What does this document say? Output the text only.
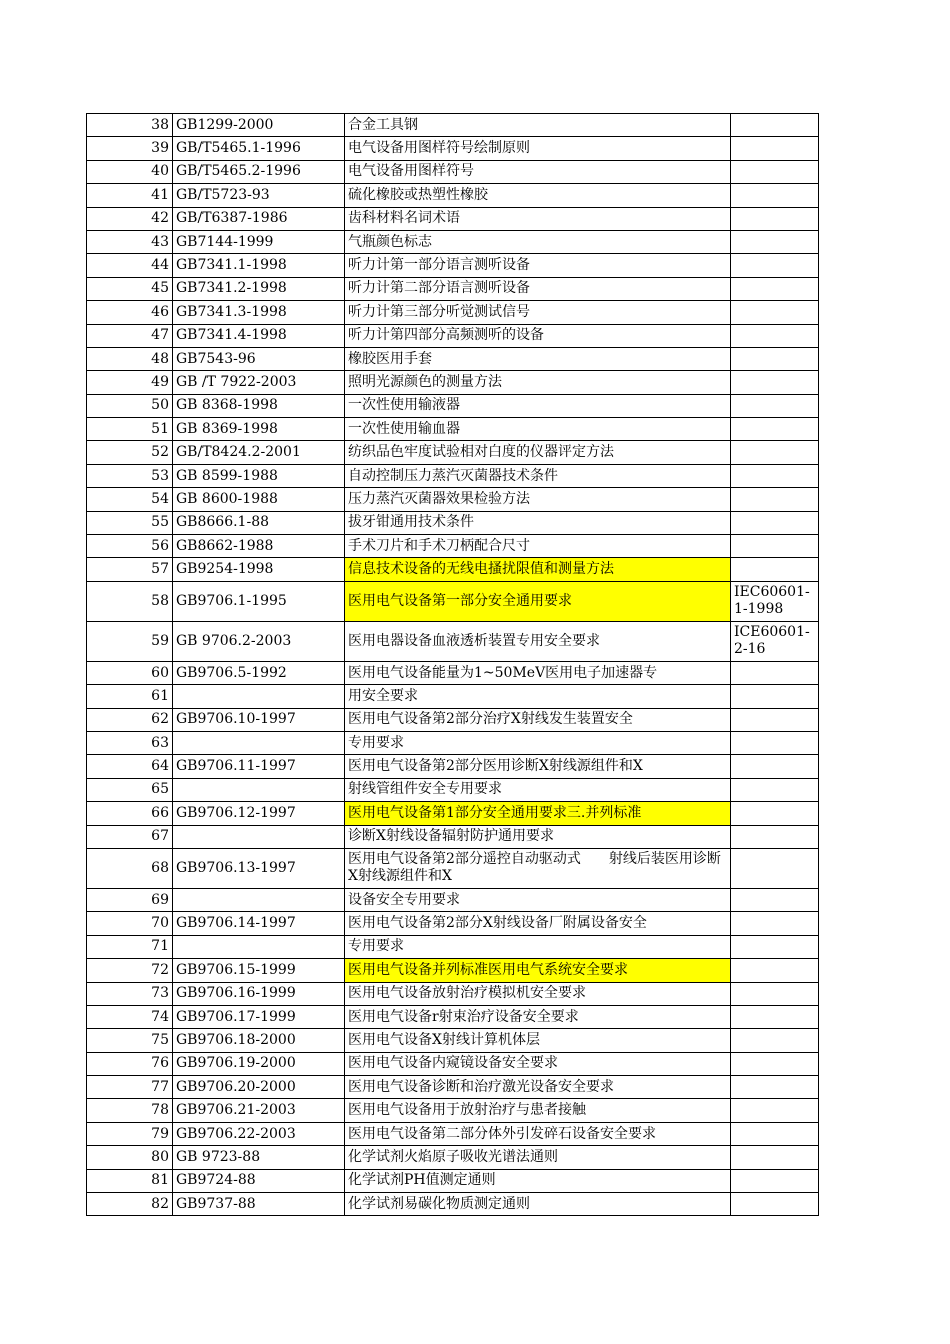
38	GB1299-2000	合金工具钢	
39	GB/T5465.1-1996	电气设备用图样符号绘制原则	
40	GB/T5465.2-1996	电气设备用图样符号	
41	GB/T5723-93	硫化橡胶或热塑性橡胶	
42	GB/T6387-1986	齿科材料名词术语	
43	GB7144-1999	气瓶颜色标志	
44	GB7341.1-1998	听力计第一部分语言测听设备	
45	GB7341.2-1998	听力计第二部分语言测听设备	
46	GB7341.3-1998	听力计第三部分听觉测试信号	
47	GB7341.4-1998	听力计第四部分高频测听的设备	
48	GB7543-96	橡胶医用手套	
49	GB /T 7922-2003	照明光源颜色的测量方法	
50	GB 8368-1998	一次性使用输液器	
51	GB 8369-1998	一次性使用输血器	
52	GB/T8424.2-2001	纺织品色牢度试验相对白度的仪器评定方法	
53	GB 8599-1988	自动控制压力蒸汽灭菌器技术条件	
54	GB 8600-1988	压力蒸汽灭菌器效果检验方法	
55	GB8666.1-88	拔牙钳通用技术条件	
56	GB8662-1988	手术刀片和手术刀柄配合尺寸	
57	GB9254-1998	信息技术设备的无线电搔扰限值和测量方法	
58	GB9706.1-1995	医用电气设备第一部分安全通用要求	IEC60601-1-1998
59	GB 9706.2-2003	医用电器设备血液透析装置专用安全要求	ICE60601-2-16
60	GB9706.5-1992	医用电气设备能量为1~50MeV医用电子加速器专	
61		用安全要求	
62	GB9706.10-1997	医用电气设备第2部分治疗X射线发生装置安全	
63		专用要求	
64	GB9706.11-1997	医用电气设备第2部分医用诊断X射线源组件和X	
65		射线管组件安全专用要求	
66	GB9706.12-1997	医用电气设备第1部分安全通用要求三.并列标准	
67		诊断X射线设备辐射防护通用要求	
68	GB9706.13-1997	医用电气设备第2部分遥控自动驱动式　　射线后装医用诊断X射线源组件和X	
69		设备安全专用要求	
70	GB9706.14-1997	医用电气设备第2部分X射线设备厂附属设备安全	
71		专用要求	
72	GB9706.15-1999	医用电气设备并列标准医用电气系统安全要求	
73	GB9706.16-1999	医用电气设备放射治疗模拟机安全要求	
74	GB9706.17-1999	医用电气设备r射束治疗设备安全要求	
75	GB9706.18-2000	医用电气设备X射线计算机体层	
76	GB9706.19-2000	医用电气设备内窥镜设备安全要求	
77	GB9706.20-2000	医用电气设备诊断和治疗激光设备安全要求	
78	GB9706.21-2003	医用电气设备用于放射治疗与患者接触	
79	GB9706.22-2003	医用电气设备第二部分体外引发碎石设备安全要求	
80	GB 9723-88	化学试剂火焰原子吸收光谱法通则	
81	GB9724-88	化学试剂PH值测定通则	
82	GB9737-88	化学试剂易碳化物质测定通则	
